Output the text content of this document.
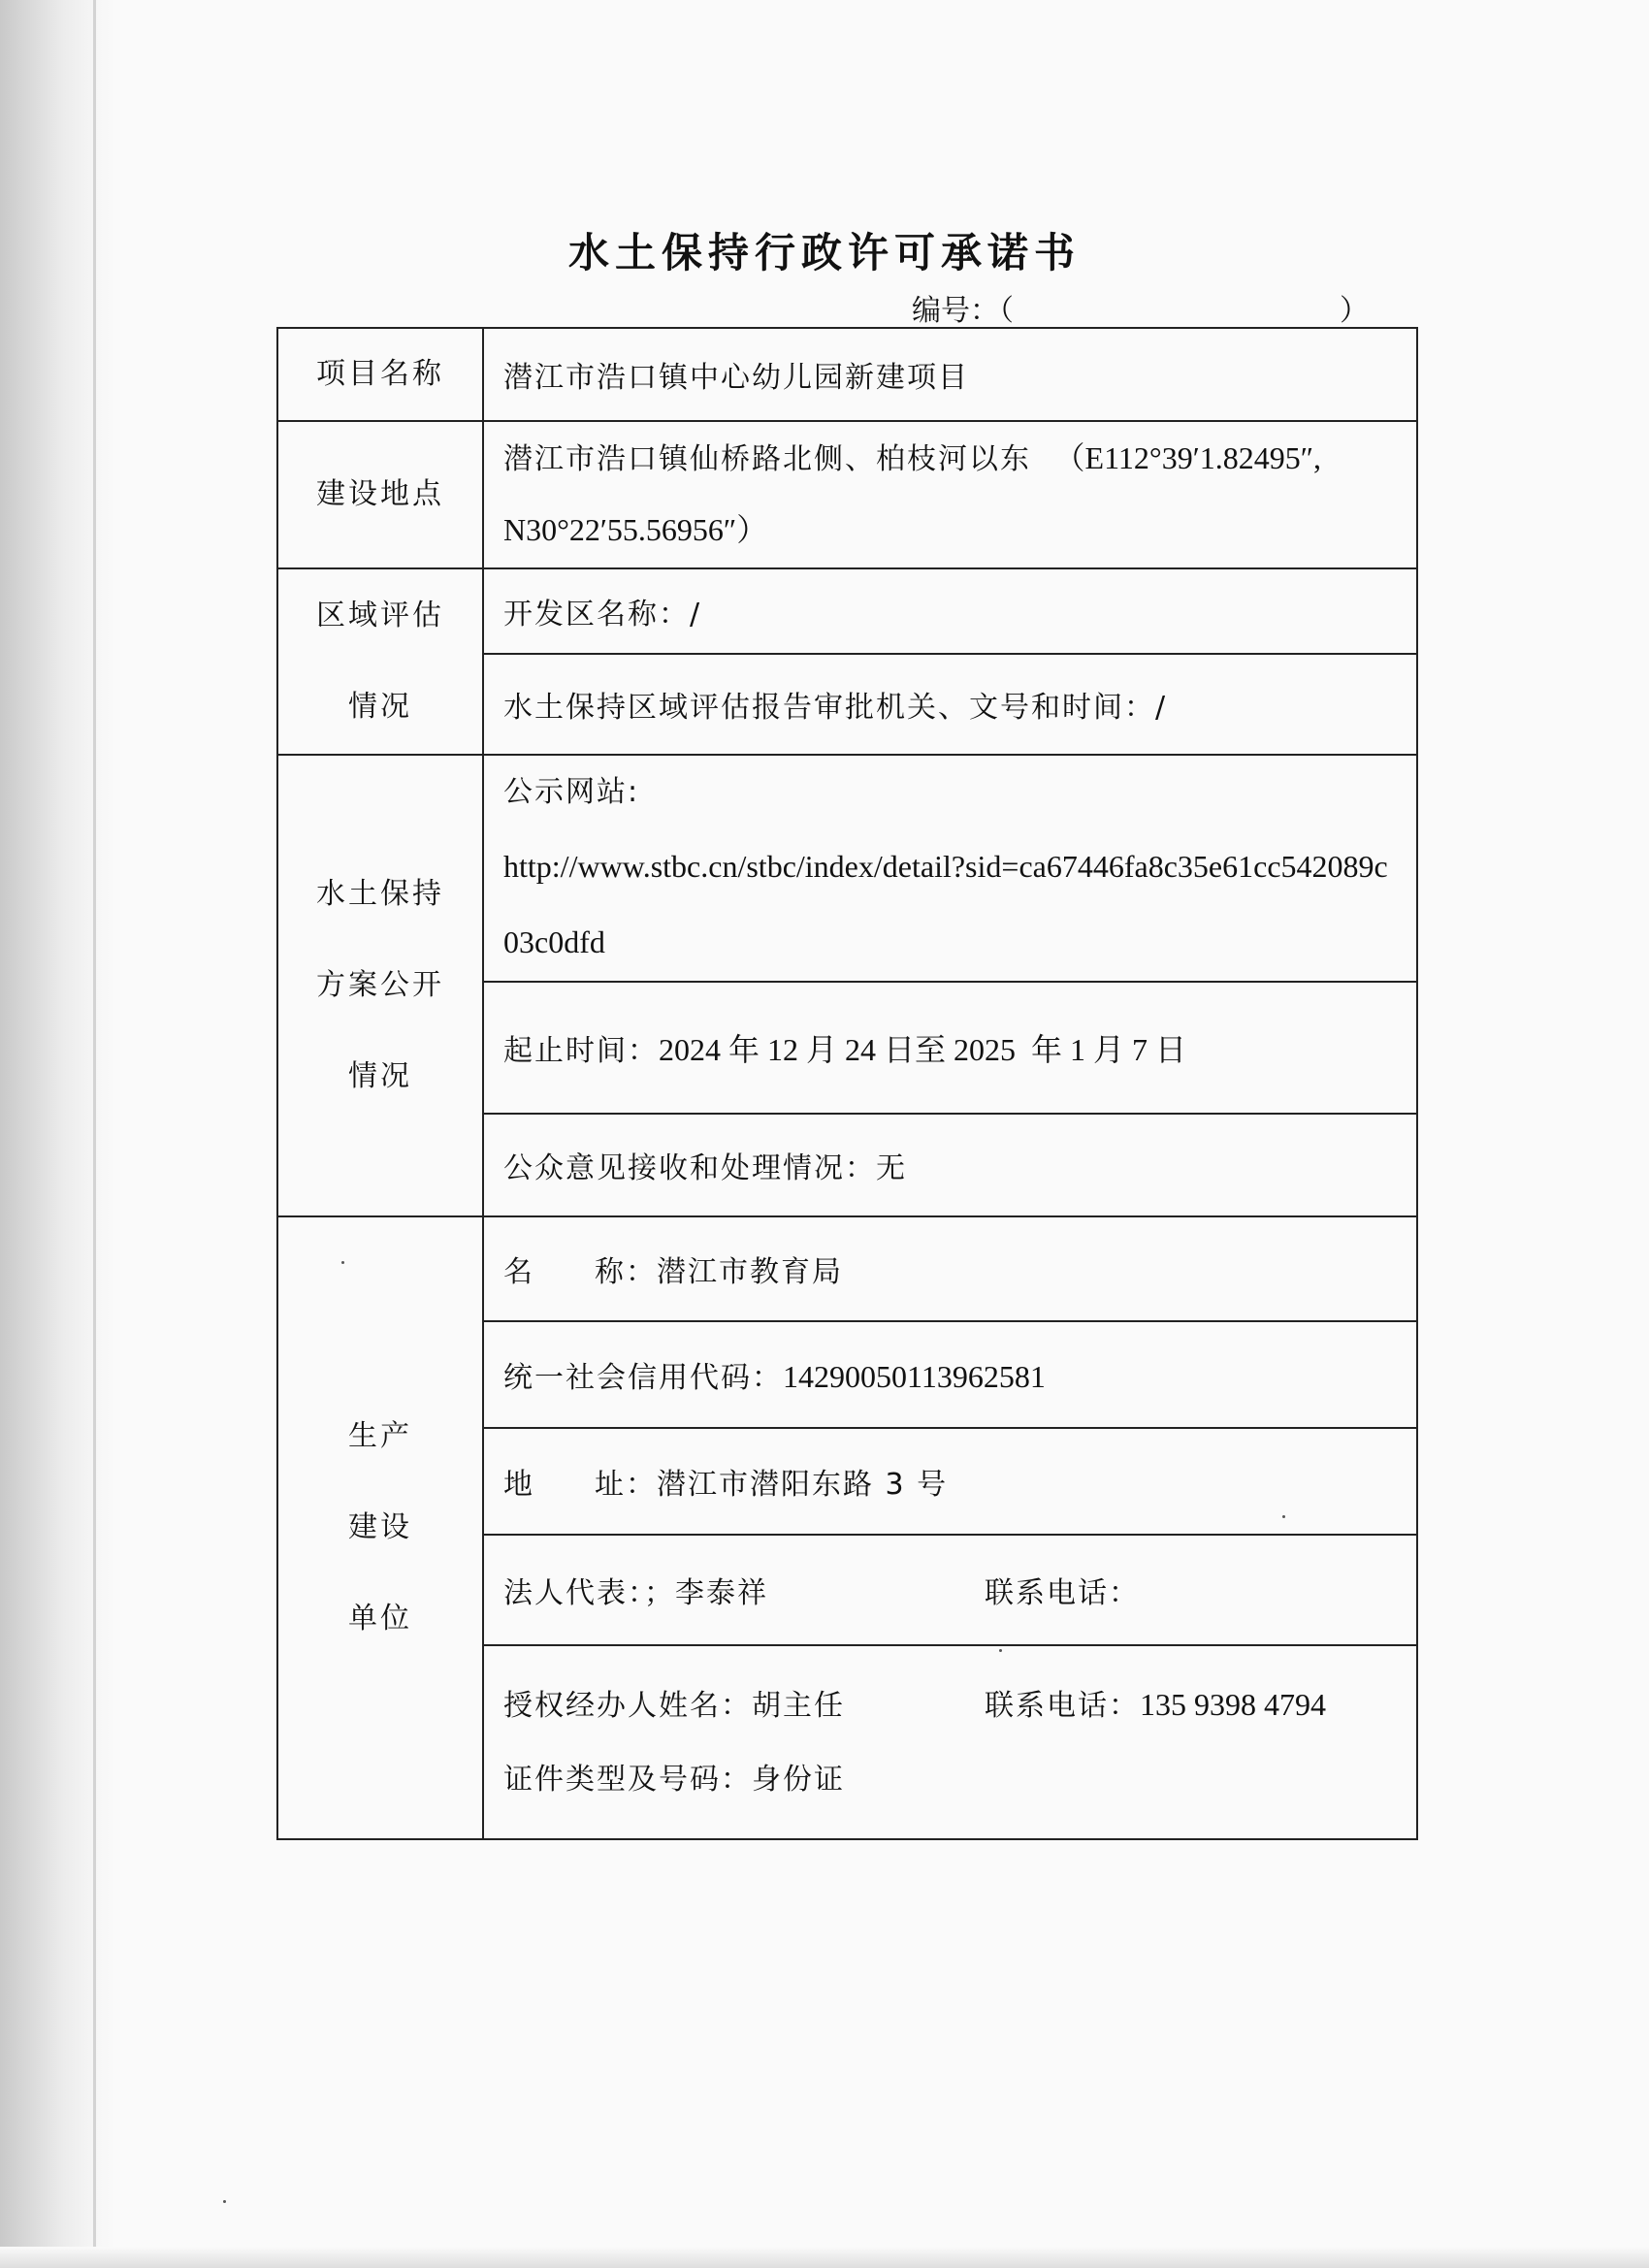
水土保持行政许可承诺书
编号：（	）
项目名称	潜江市浩口镇中心幼儿园新建项目
建设地点	潜江市浩口镇仙桥路北侧、柏枝河以东 （E112°39′1.82495″,
N30°22′55.56956″）

区域评估
情况	开发区名称：/
	水土保持区域评估报告审批机关、文号和时间：/

水土保持
方案公开
情况	公示网站:
http://www.stbc.cn/stbc/index/detail?sid=ca67446fa8c35e61cc542089c03c0dfd
	起止时间：2024 年 12 月 24 日至 2025  年 1 月 7 日
	公众意见接收和处理情况：无

生产
建设
单位	名 称：潜江市教育局
	统一社会信用代码：14290050113962581
	地 址：潜江市潜阳东路 3 号
	法人代表：；李泰祥 联系电话：
	授权经办人姓名：胡主任 联系电话：135 9398 4794
证件类型及号码：身份证
